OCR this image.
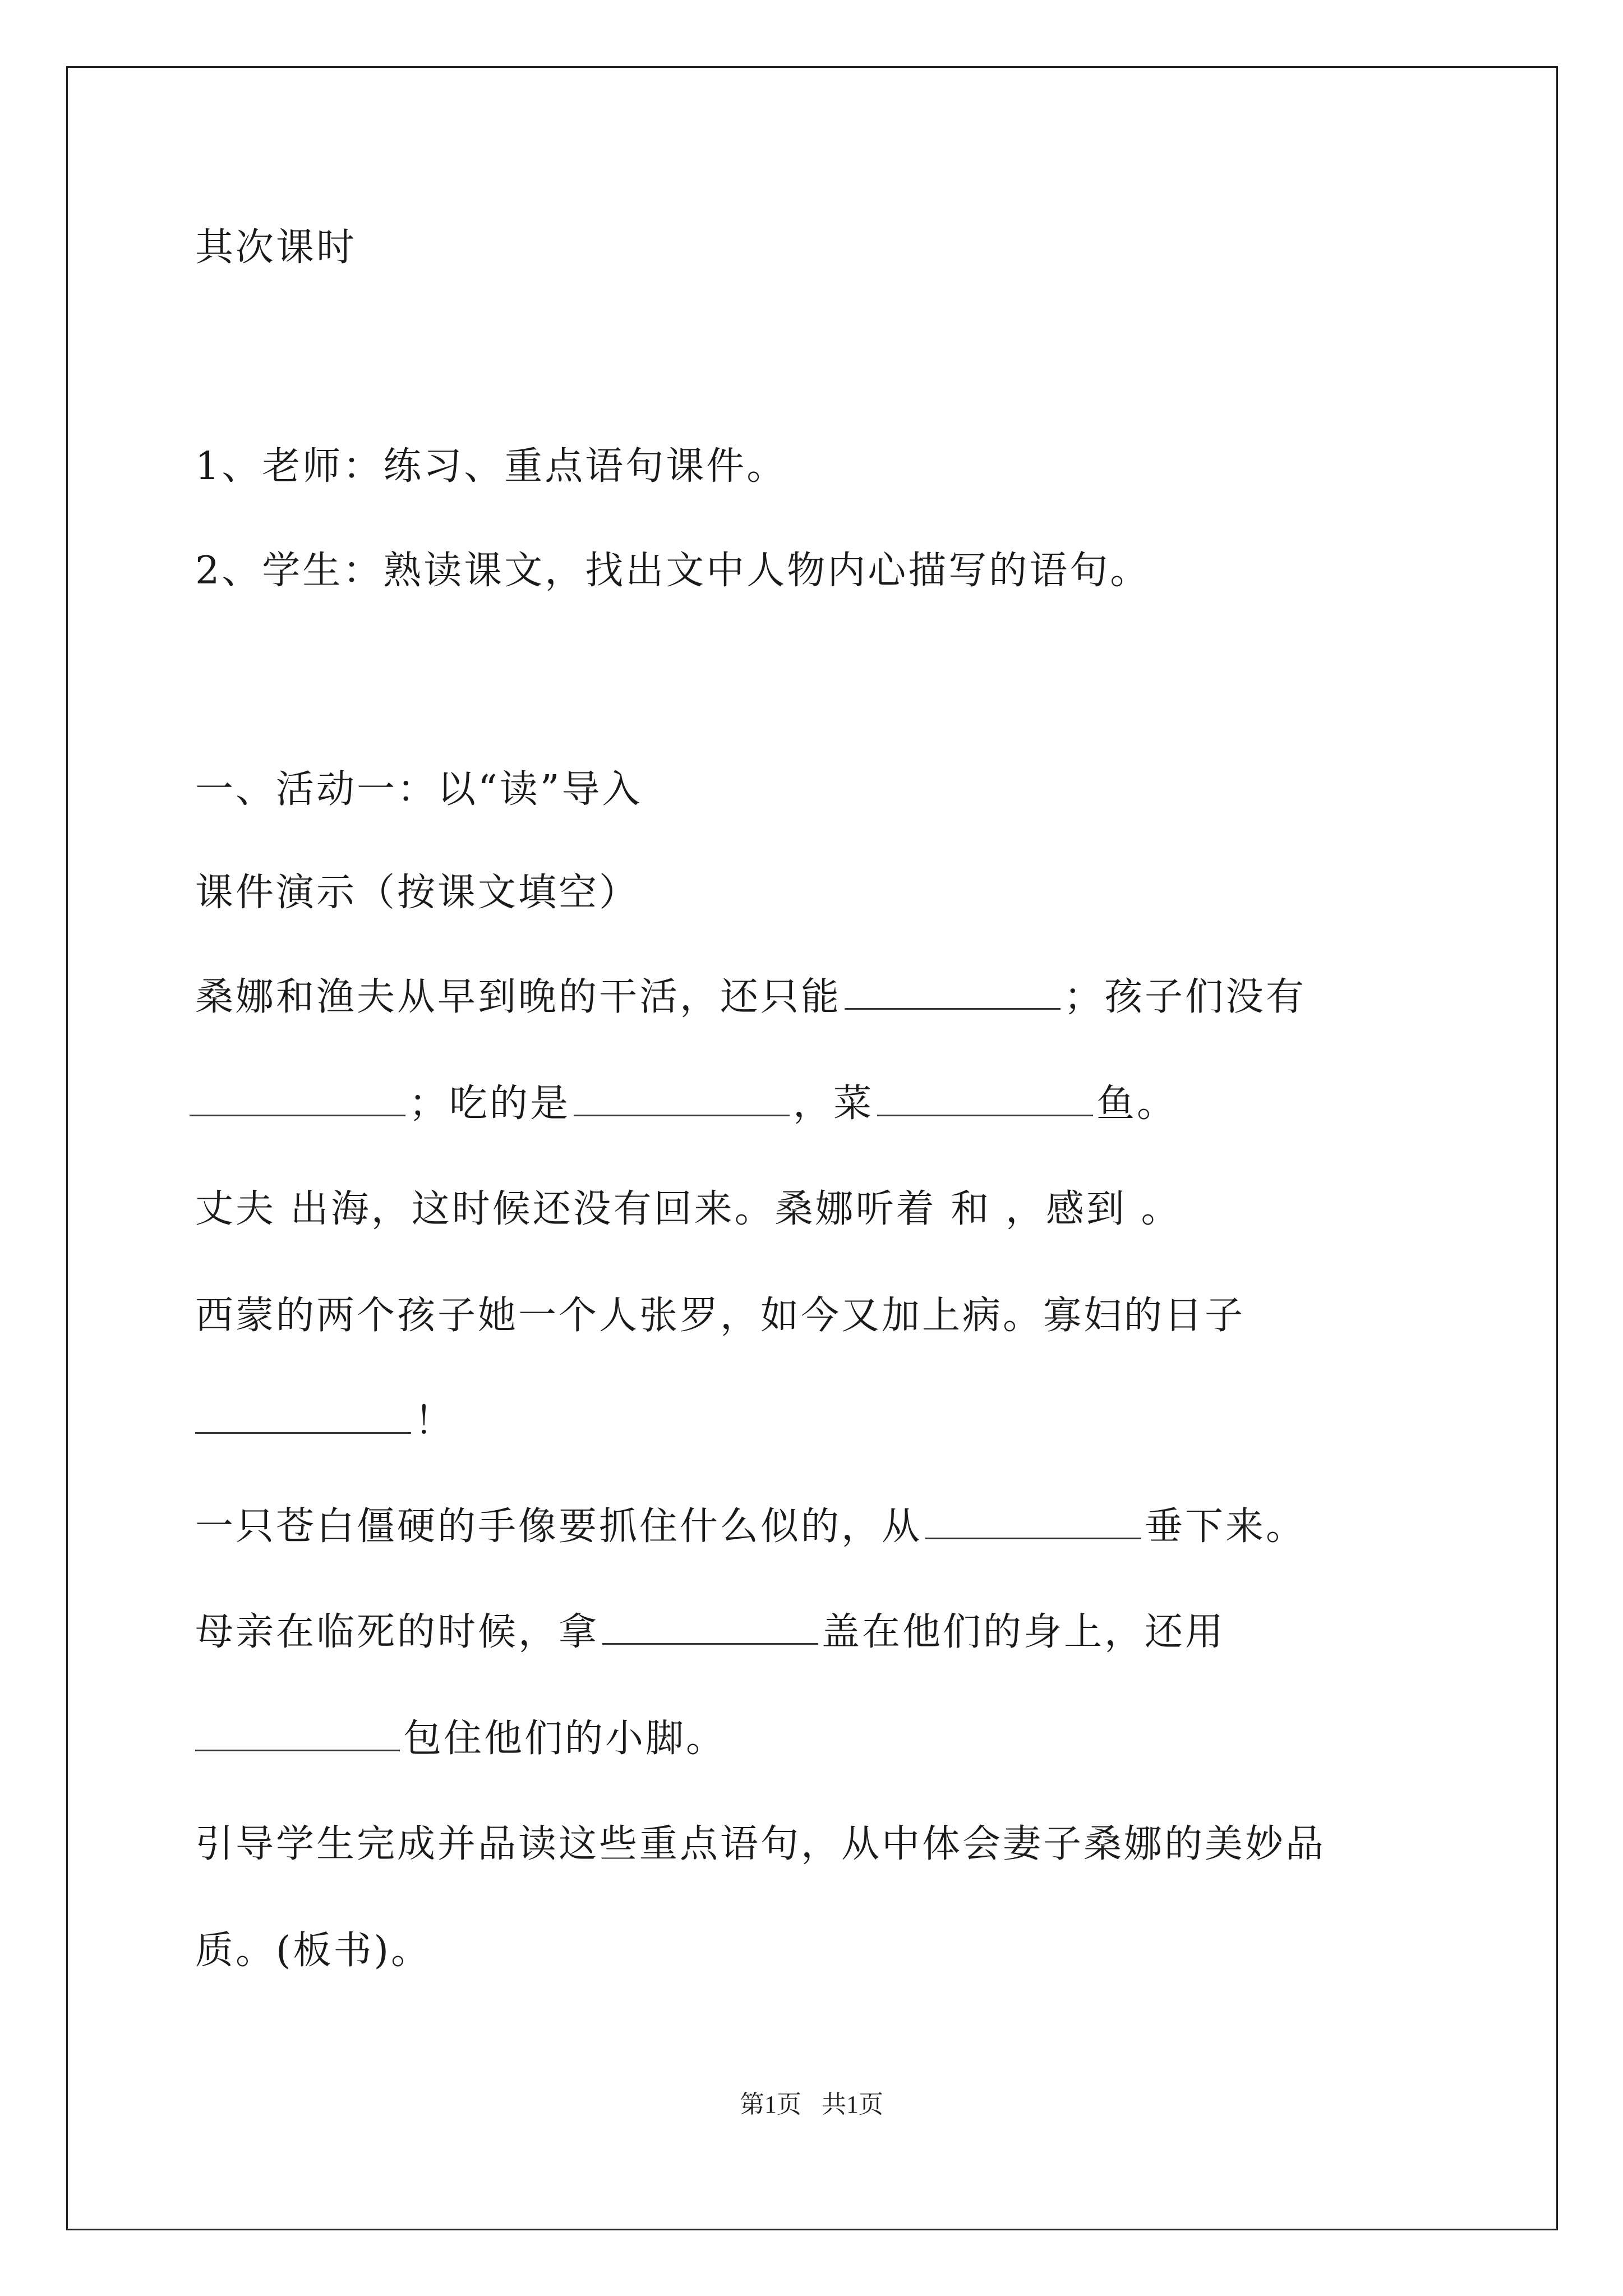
其次课时
1、老师：练习、重点语句课件。
2、学生：熟读课文，找出文中人物内心描写的语句。
一、活动一：以“读”导入
课件演示（按课文填空）
桑娜和渔夫从早到晚的干活，还只能	；孩子们没有
；吃的是	，菜	鱼。
丈夫 出海，这时候还没有回来。桑娜听着 和 ，感到 。
西蒙的两个孩子她一个人张罗，如今又加上病。寡妇的日子
！
一只苍白僵硬的手像要抓住什么似的，从	垂下来。
母亲在临死的时候，拿	盖在他们的身上，还用
包住他们的小脚。
引导学生完成并品读这些重点语句，从中体会妻子桑娜的美妙品
质。(板书)。
第1页 共1页
